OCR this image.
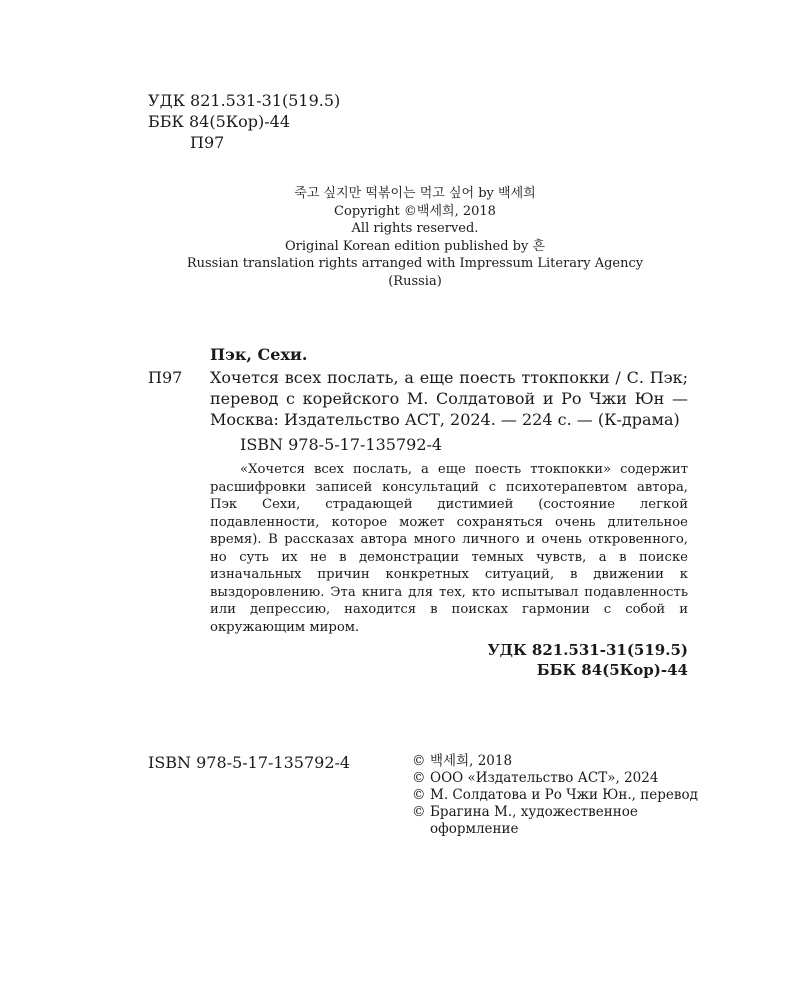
УДК 821.531-31(519.5)
ББК 84(5Кор)-44
П97
죽고 싶지만 떡볶이는 먹고 싶어 by 백세희
Copyright ©백세희, 2018
All rights reserved.
Original Korean edition published by 흔
Russian translation rights arranged with Impressum Literary Agency
(Russia)
Пэк, Сехи.
П97 Хочется всех послать, а еще поесть ттокпокки / С. Пэк; перевод с корейского М. Солдатовой и Ро Чжи Юн — Москва: Издательство АСТ, 2024. — 224 с. — (К-драма)
ISBN 978-5-17-135792-4

«Хочется всех послать, а еще поесть ттокпокки» содержит расшифровки записей консультаций с психотерапевтом автора, Пэк Сехи, страдающей дистимией (состояние легкой подавленности, которое может сохраняться очень длительное время). В рассказах автора много личного и очень откровенного, но суть их не в демонстрации темных чувств, а в поиске изначальных причин конкретных ситуаций, в движении к выздоровлению. Эта книга для тех, кто испытывал подавленность или депрессию, находится в поисках гармонии с собой и окружающим миром.

УДК 821.531-31(519.5)
ББК 84(5Кор)-44
ISBN 978-5-17-135792-4	© 백세희, 2018
© ООО «Издательство АСТ», 2024
© М. Солдатова и Ро Чжи Юн., перевод
© Брагина М., художественное оформление
